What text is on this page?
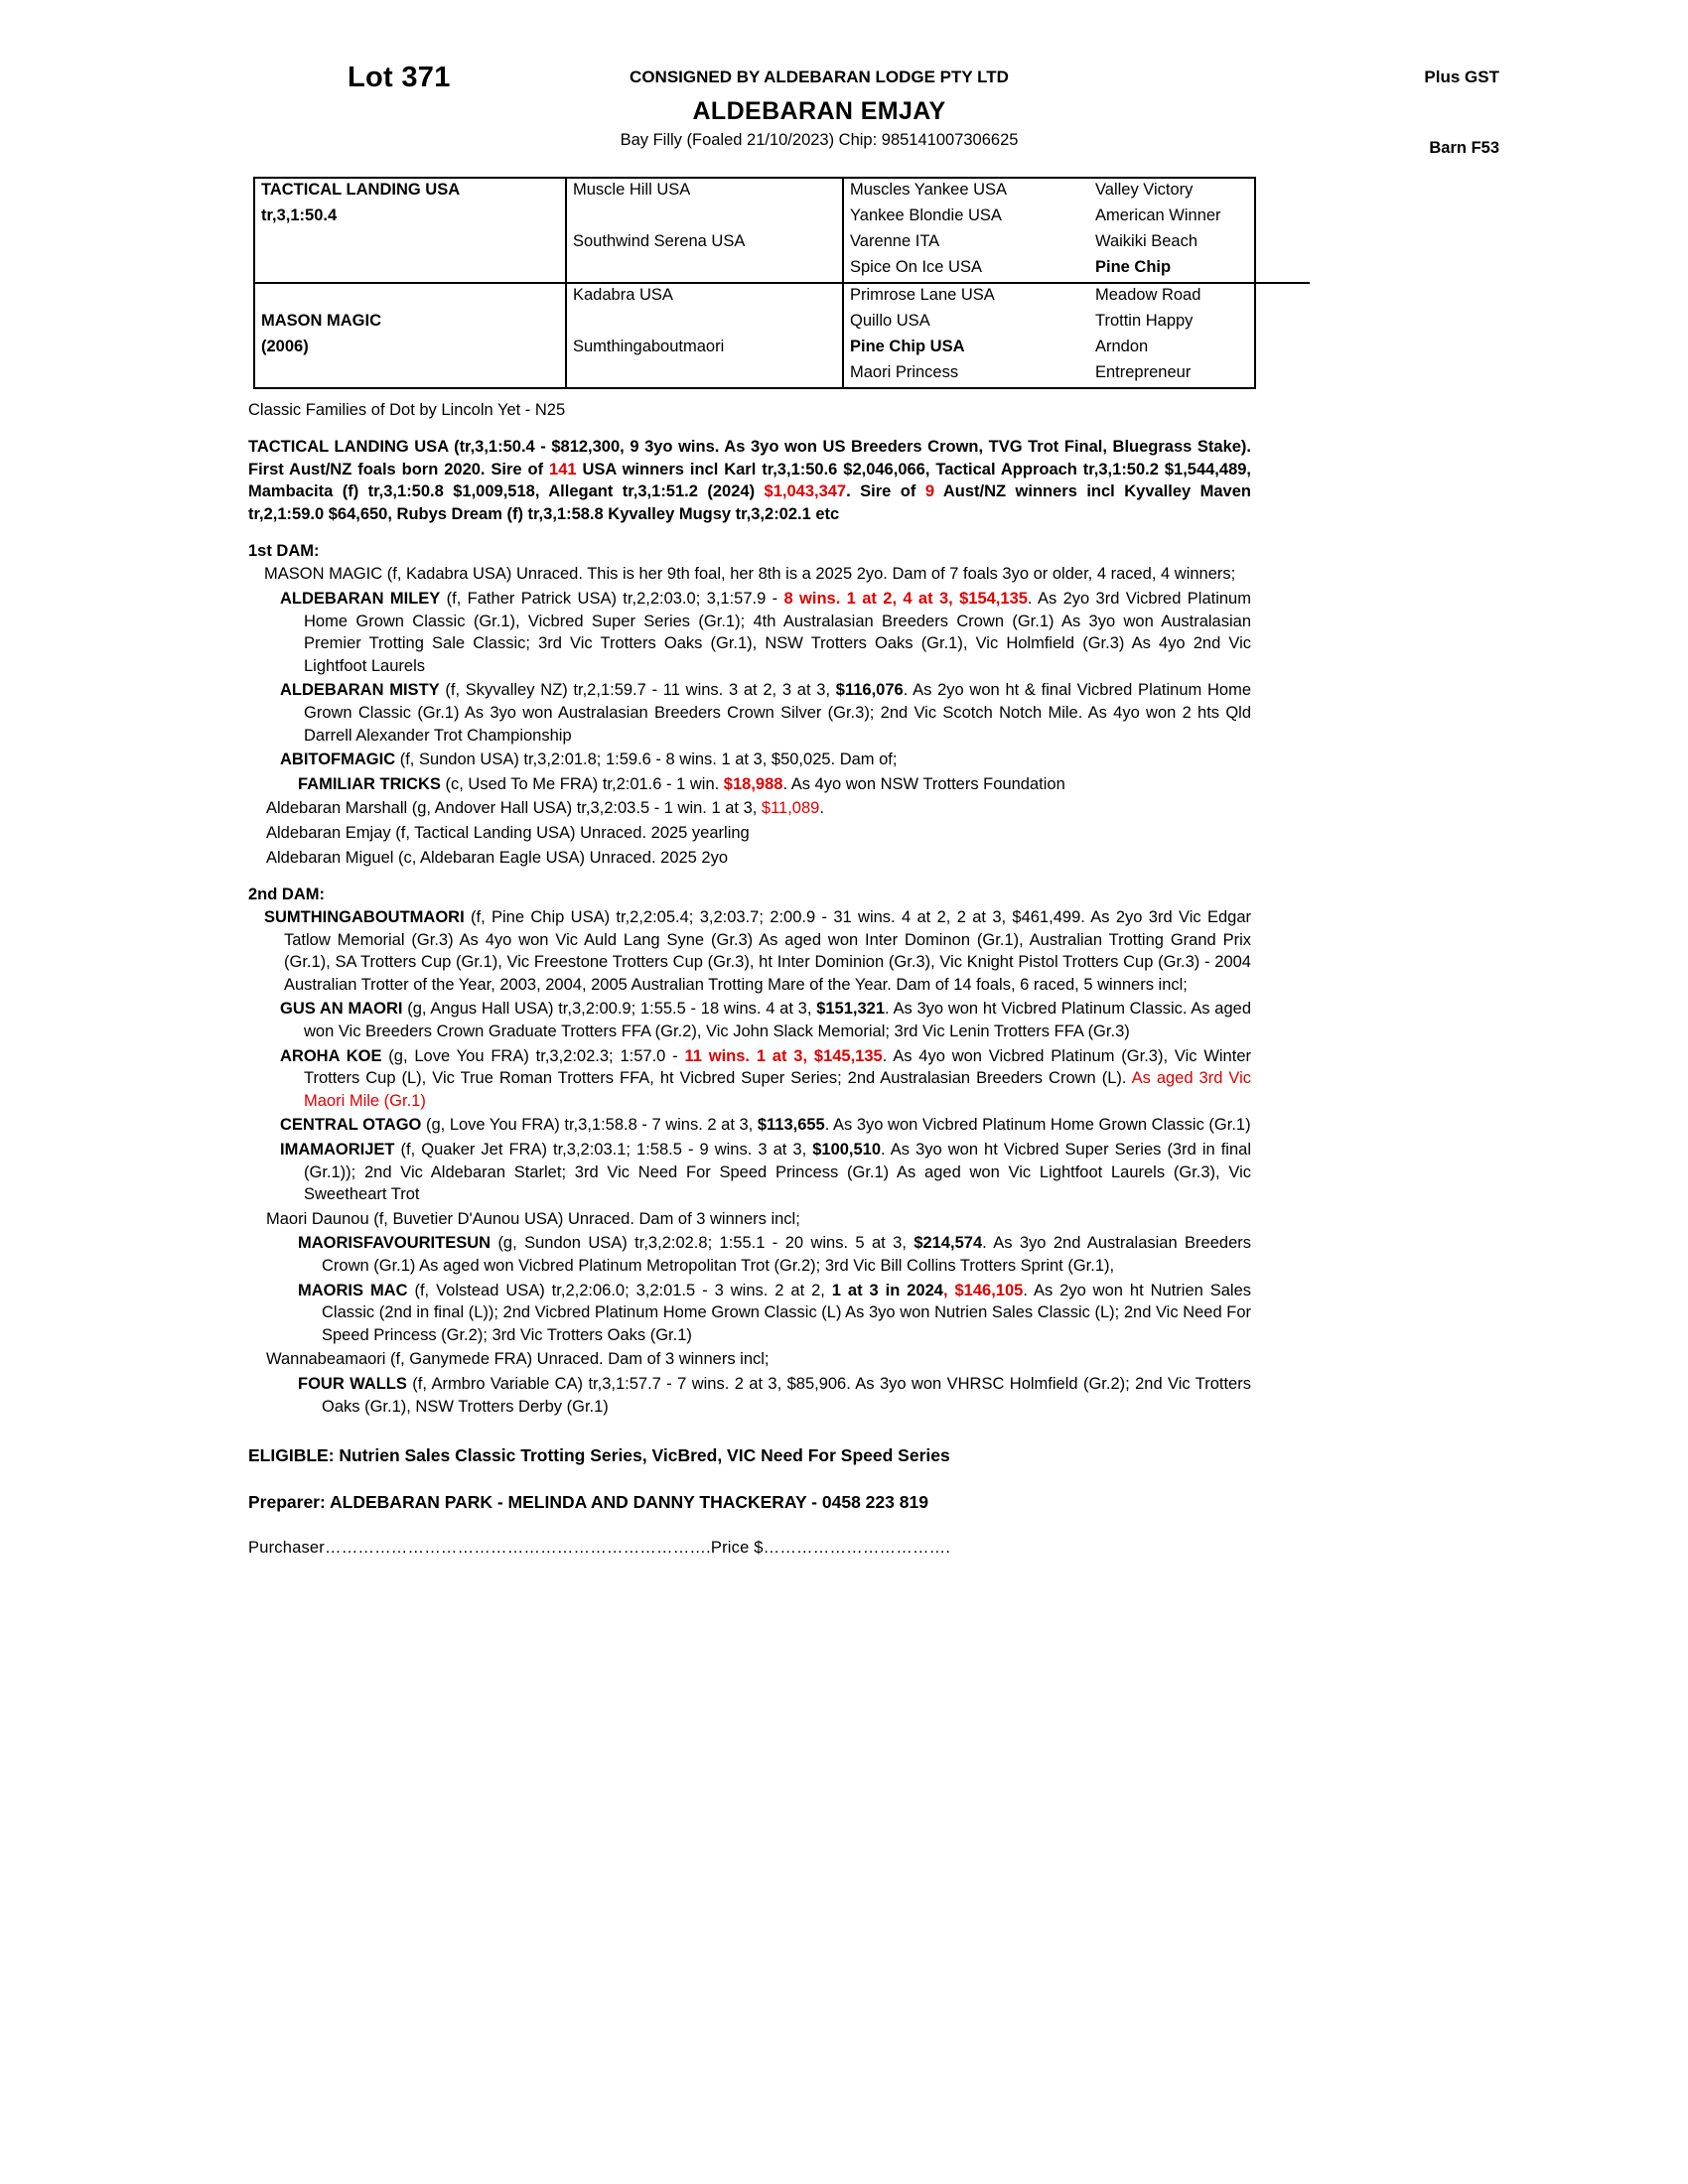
Lot 371	CONSIGNED BY ALDEBARAN LODGE PTY LTD	Plus GST
ALDEBARAN EMJAY
Bay Filly (Foaled 21/10/2023) Chip: 985141007306625	Barn F53
TACTICAL LANDING USA	Muscle Hill USA	Muscles Yankee USA	Valley Victory
tr,3,1:50.4		Yankee Blondie USA	American Winner
	Southwind Serena USA	Varenne ITA	Waikiki Beach
		Spice On Ice USA	Pine Chip
	Kadabra USA	Primrose Lane USA	Meadow Road
MASON MAGIC		Quillo USA	Trottin Happy
(2006)	Sumthingaboutmaori	Pine Chip USA	Arndon
		Maori Princess	Entrepreneur
Classic Families of Dot by Lincoln Yet - N25
TACTICAL LANDING USA (tr,3,1:50.4 - $812,300, 9 3yo wins. As 3yo won US Breeders Crown, TVG Trot Final, Bluegrass Stake). First Aust/NZ foals born 2020. Sire of 141 USA winners incl Karl tr,3,1:50.6 $2,046,066, Tactical Approach tr,3,1:50.2 $1,544,489, Mambacita (f) tr,3,1:50.8 $1,009,518, Allegant tr,3,1:51.2 (2024) $1,043,347. Sire of 9 Aust/NZ winners incl Kyvalley Maven tr,2,1:59.0 $64,650, Rubys Dream (f) tr,3,1:58.8 Kyvalley Mugsy tr,3,2:02.1 etc
1st DAM:
MASON MAGIC (f, Kadabra USA) Unraced. This is her 9th foal, her 8th is a 2025 2yo. Dam of 7 foals 3yo or older, 4 raced, 4 winners;
ALDEBARAN MILEY (f, Father Patrick USA) tr,2,2:03.0; 3,1:57.9 - 8 wins. 1 at 2, 4 at 3, $154,135. As 2yo 3rd Vicbred Platinum Home Grown Classic (Gr.1), Vicbred Super Series (Gr.1); 4th Australasian Breeders Crown (Gr.1) As 3yo won Australasian Premier Trotting Sale Classic; 3rd Vic Trotters Oaks (Gr.1), NSW Trotters Oaks (Gr.1), Vic Holmfield (Gr.3) As 4yo 2nd Vic Lightfoot Laurels
ALDEBARAN MISTY (f, Skyvalley NZ) tr,2,1:59.7 - 11 wins. 3 at 2, 3 at 3, $116,076. As 2yo won ht & final Vicbred Platinum Home Grown Classic (Gr.1) As 3yo won Australasian Breeders Crown Silver (Gr.3); 2nd Vic Scotch Notch Mile. As 4yo won 2 hts Qld Darrell Alexander Trot Championship
ABITOFMAGIC (f, Sundon USA) tr,3,2:01.8; 1:59.6 - 8 wins. 1 at 3, $50,025. Dam of;
FAMILIAR TRICKS (c, Used To Me FRA) tr,2:01.6 - 1 win. $18,988. As 4yo won NSW Trotters Foundation
Aldebaran Marshall (g, Andover Hall USA) tr,3,2:03.5 - 1 win. 1 at 3, $11,089.
Aldebaran Emjay (f, Tactical Landing USA) Unraced. 2025 yearling
Aldebaran Miguel (c, Aldebaran Eagle USA) Unraced. 2025 2yo
2nd DAM:
SUMTHINGABOUTMAORI (f, Pine Chip USA) tr,2,2:05.4; 3,2:03.7; 2:00.9 - 31 wins. 4 at 2, 2 at 3, $461,499. As 2yo 3rd Vic Edgar Tatlow Memorial (Gr.3) As 4yo won Vic Auld Lang Syne (Gr.3) As aged won Inter Dominon (Gr.1), Australian Trotting Grand Prix (Gr.1), SA Trotters Cup (Gr.1), Vic Freestone Trotters Cup (Gr.3), ht Inter Dominion (Gr.3), Vic Knight Pistol Trotters Cup (Gr.3) - 2004 Australian Trotter of the Year, 2003, 2004, 2005 Australian Trotting Mare of the Year. Dam of 14 foals, 6 raced, 5 winners incl;
GUS AN MAORI (g, Angus Hall USA) tr,3,2:00.9; 1:55.5 - 18 wins. 4 at 3, $151,321. As 3yo won ht Vicbred Platinum Classic. As aged won Vic Breeders Crown Graduate Trotters FFA (Gr.2), Vic John Slack Memorial; 3rd Vic Lenin Trotters FFA (Gr.3)
AROHA KOE (g, Love You FRA) tr,3,2:02.3; 1:57.0 - 11 wins. 1 at 3, $145,135. As 4yo won Vicbred Platinum (Gr.3), Vic Winter Trotters Cup (L), Vic True Roman Trotters FFA, ht Vicbred Super Series; 2nd Australasian Breeders Crown (L). As aged 3rd Vic Maori Mile (Gr.1)
CENTRAL OTAGO (g, Love You FRA) tr,3,1:58.8 - 7 wins. 2 at 3, $113,655. As 3yo won Vicbred Platinum Home Grown Classic (Gr.1)
IMAMAORIJET (f, Quaker Jet FRA) tr,3,2:03.1; 1:58.5 - 9 wins. 3 at 3, $100,510. As 3yo won ht Vicbred Super Series (3rd in final (Gr.1)); 2nd Vic Aldebaran Starlet; 3rd Vic Need For Speed Princess (Gr.1) As aged won Vic Lightfoot Laurels (Gr.3), Vic Sweetheart Trot
Maori Daunou (f, Buvetier D'Aunou USA) Unraced. Dam of 3 winners incl;
MAORISFAVOURITESUN (g, Sundon USA) tr,3,2:02.8; 1:55.1 - 20 wins. 5 at 3, $214,574. As 3yo 2nd Australasian Breeders Crown (Gr.1) As aged won Vicbred Platinum Metropolitan Trot (Gr.2); 3rd Vic Bill Collins Trotters Sprint (Gr.1),
MAORIS MAC (f, Volstead USA) tr,2,2:06.0; 3,2:01.5 - 3 wins. 2 at 2, 1 at 3 in 2024, $146,105. As 2yo won ht Nutrien Sales Classic (2nd in final (L)); 2nd Vicbred Platinum Home Grown Classic (L) As 3yo won Nutrien Sales Classic (L); 2nd Vic Need For Speed Princess (Gr.2); 3rd Vic Trotters Oaks (Gr.1)
Wannabeamaori (f, Ganymede FRA) Unraced. Dam of 3 winners incl;
FOUR WALLS (f, Armbro Variable CA) tr,3,1:57.7 - 7 wins. 2 at 3, $85,906. As 3yo won VHRSC Holmfield (Gr.2); 2nd Vic Trotters Oaks (Gr.1), NSW Trotters Derby (Gr.1)
ELIGIBLE: Nutrien Sales Classic Trotting Series, VicBred, VIC Need For Speed Series
Preparer: ALDEBARAN PARK - MELINDA AND DANNY THACKERAY - 0458 223 819
Purchaser…………………………………………………………….Price $…………………………….
